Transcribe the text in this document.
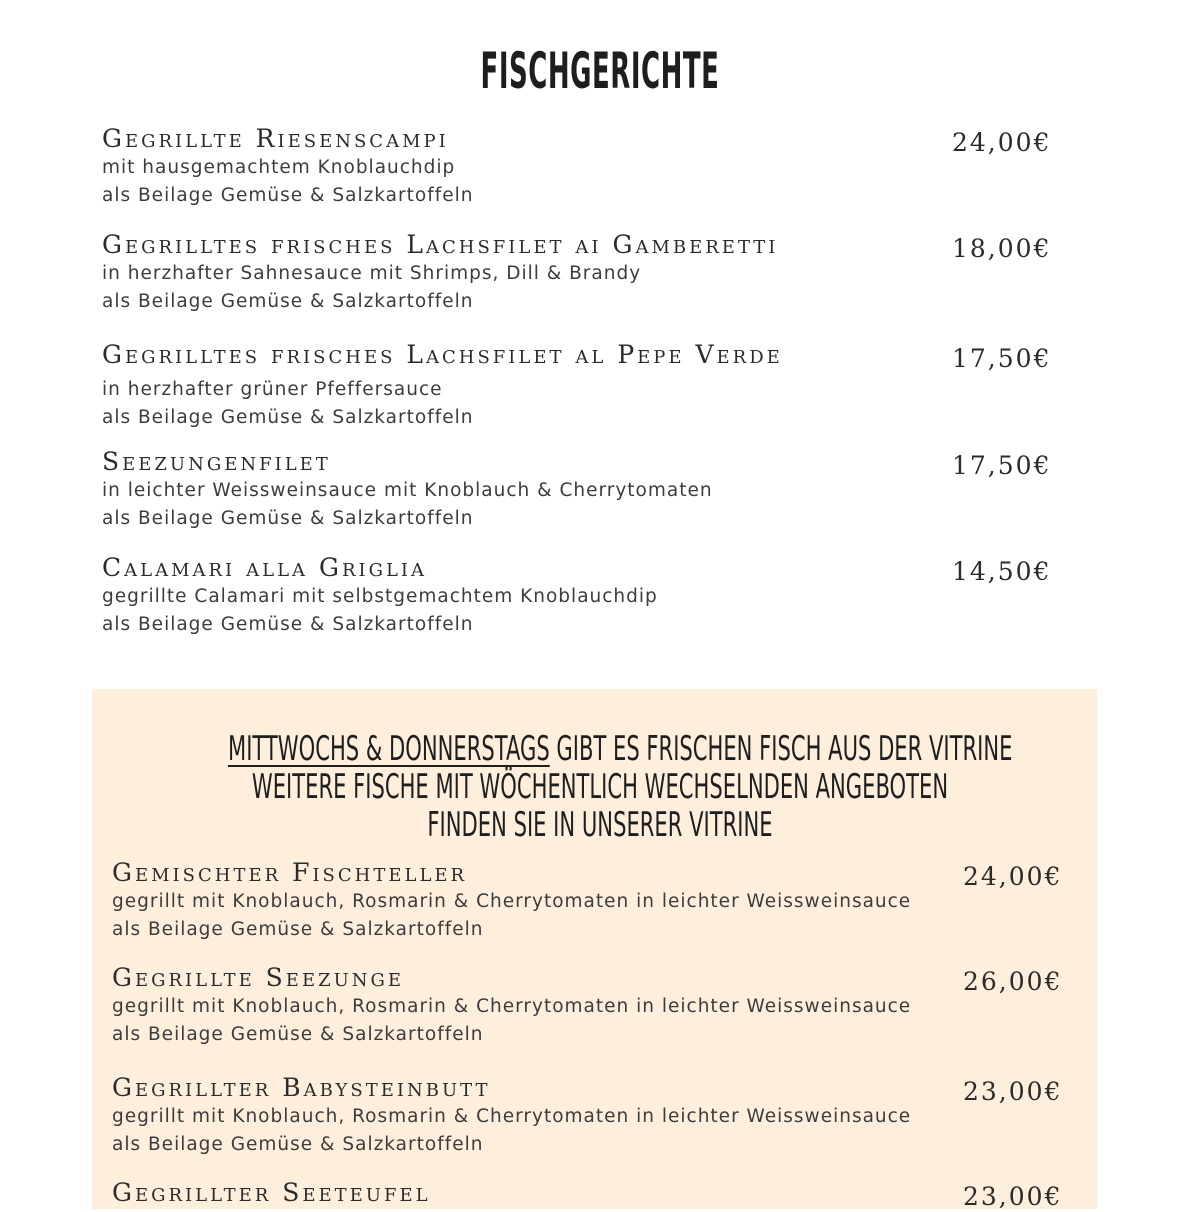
FISCHGERICHTE
Gegrillte Riesenscampi
mit hausgemachtem Knoblauchdip
als Beilage Gemüse & Salzkartoffeln
24,00€
Gegrilltes frisches Lachsfilet ai Gamberetti
in herzhafter Sahnesauce mit Shrimps, Dill & Brandy
als Beilage Gemüse & Salzkartoffeln
18,00€
Gegrilltes frisches Lachsfilet al Pepe Verde
in herzhafter grüner Pfeffersauce
als Beilage Gemüse & Salzkartoffeln
17,50€
Seezungenfilet
in leichter Weissweinsauce mit Knoblauch & Cherrytomaten
als Beilage Gemüse & Salzkartoffeln
17,50€
Calamari alla Griglia
gegrillte Calamari mit selbstgemachtem Knoblauchdip
als Beilage Gemüse & Salzkartoffeln
14,50€
MITTWOCHS & DONNERSTAGS GIBT ES FRISCHEN FISCH AUS DER VITRINE
WEITERE FISCHE MIT WÖCHENTLICH WECHSELNDEN ANGEBOTEN
FINDEN SIE IN UNSERER VITRINE
Gemischter Fischteller
gegrillt mit Knoblauch, Rosmarin & Cherrytomaten in leichter Weissweinsauce
als Beilage Gemüse & Salzkartoffeln
24,00€
Gegrillte Seezunge
gegrillt mit Knoblauch, Rosmarin & Cherrytomaten in leichter Weissweinsauce
als Beilage Gemüse & Salzkartoffeln
26,00€
Gegrillter Babysteinbutt
gegrillt mit Knoblauch, Rosmarin & Cherrytomaten in leichter Weissweinsauce
als Beilage Gemüse & Salzkartoffeln
23,00€
Gegrillter Seeteufel	23,00€
